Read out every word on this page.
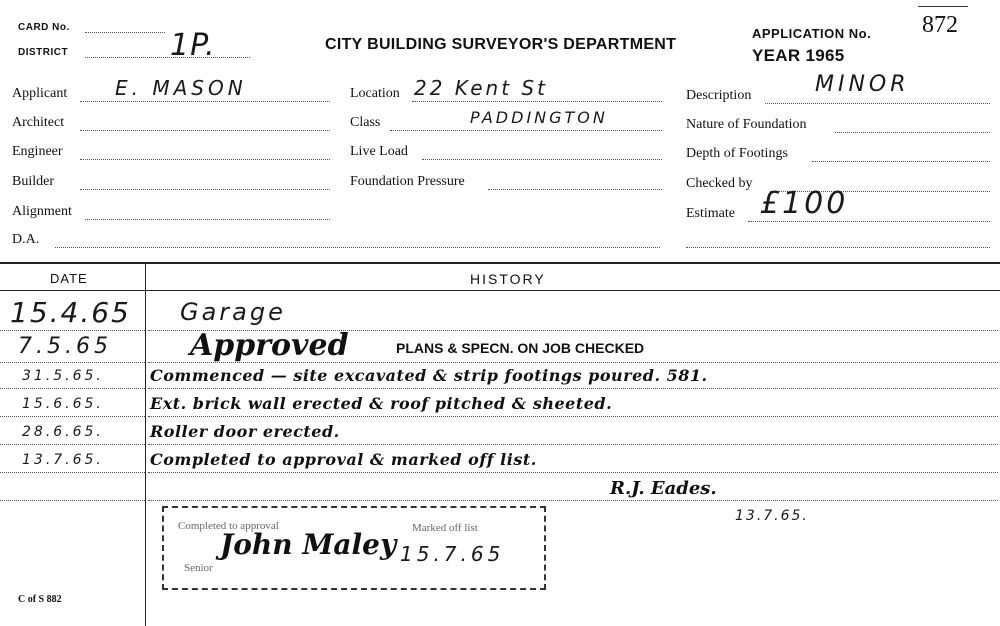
CARD No.
DISTRICT	1P.	CITY BUILDING SURVEYOR'S DEPARTMENT
APPLICATION No. 872
YEAR 1965
Applicant E. MASON
Architect
Engineer
Builder
Alignment
D.A.
Location 22 Kent St
Class	PADDINGTON
Live Load
Foundation Pressure
Description	MINOR
Nature of Foundation
Depth of Footings
Checked by
Estimate £100
DATE	HISTORY
15.4.65 Garage
7.5.65	Approved	PLANS & SPECN. ON JOB CHECKED
31.5.65.	Commenced — site excavated & strip footings poured. 581.
15.6.65.	Ext. brick wall erected & roof pitched & sheeted.
28.6.65.	Roller door erected.
13.7.65.	Completed to approval & marked off list.
R.J. Eades.
13.7.65.
Completed to approval	Marked off list
Senior
John Maley 15.7.65
C of S 882
